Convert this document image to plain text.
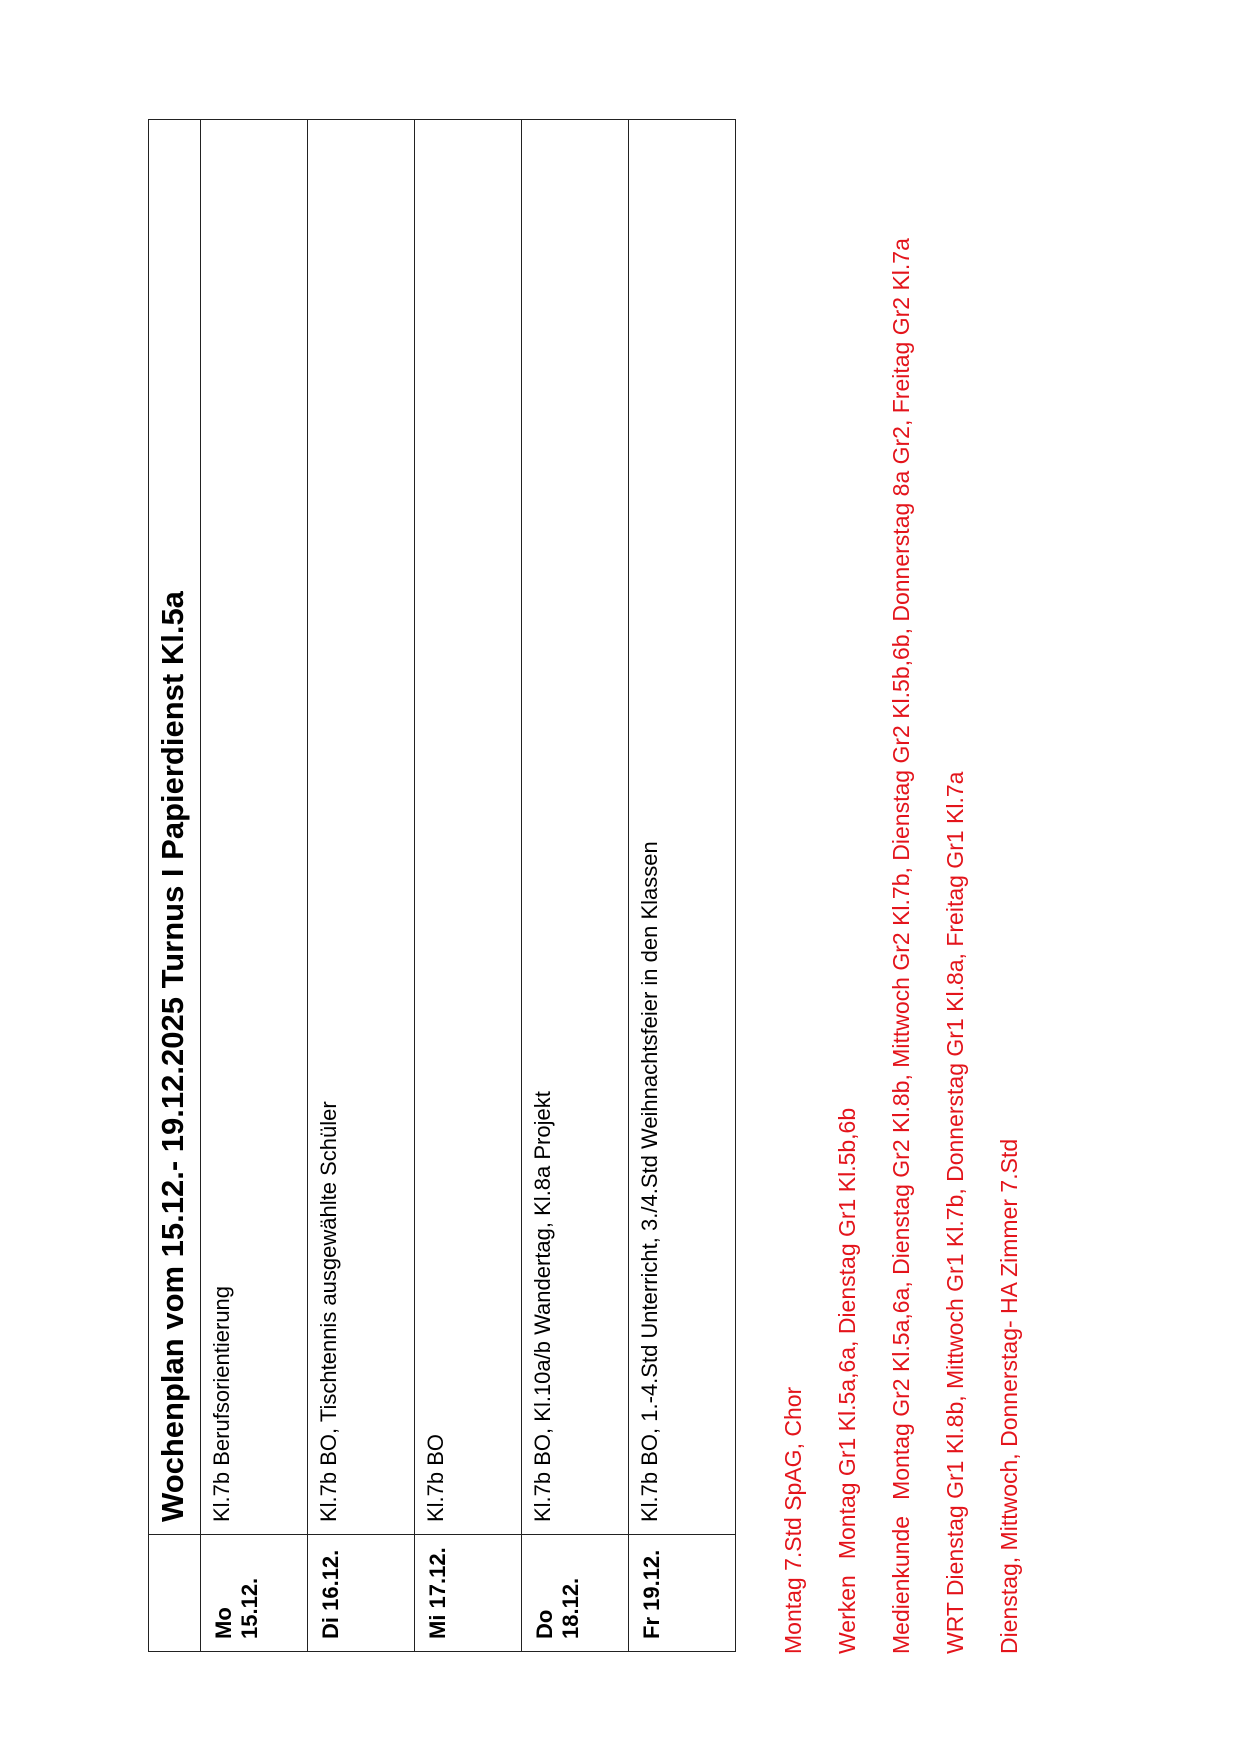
	Wochenplan vom 15.12.- 19.12.2025 Turnus I Papierdienst Kl.5a
Mo 15.12.	Kl.7b Berufsorientierung
Di 16.12.	Kl.7b BO, Tischtennis ausgewählte Schüler
Mi 17.12.	Kl.7b BO
Do 18.12.	Kl.7b BO, Kl.10a/b Wandertag, Kl.8a Projekt
Fr 19.12.	Kl.7b BO, 1.-4.Std Unterricht, 3./4.Std Weihnachtsfeier in den Klassen	Montag 7.Std SpAG, Chor WerkenMontag Gr1 Kl.5a,6a, Dienstag Gr1 Kl.5b,6b

MedienkundeMontag Gr2 Kl.5a,6a, Dienstag Gr2 Kl.8b, Mittwoch Gr2 Kl.7b, Dienstag Gr2 Kl.5b,6b, Donnerstag 8a Gr2, Freitag Gr2 Kl.7a WRT Dienstag Gr1 Kl.8b, Mittwoch Gr1 Kl.7b, Donnerstag Gr1 Kl.8a, Freitag Gr1 Kl.7a Dienstag, Mittwoch, Donnerstag- HA Zimmer 7.Std
